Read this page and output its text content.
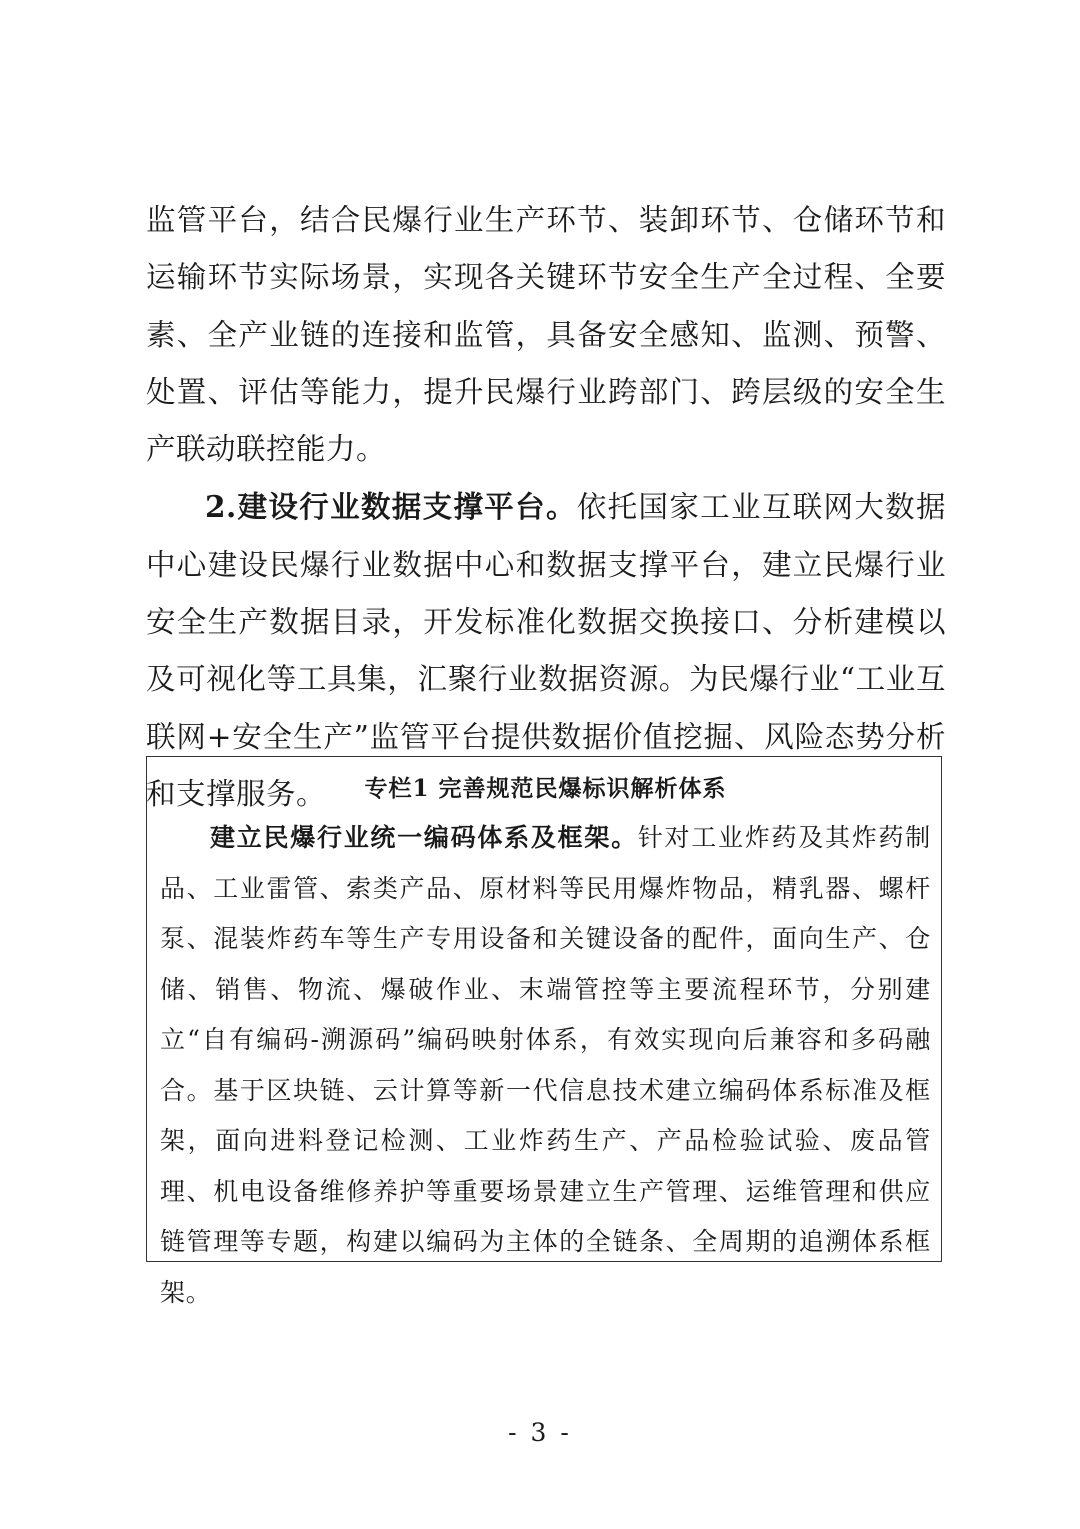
监管平台，结合民爆行业生产环节、装卸环节、仓储环节和运输环节实际场景，实现各关键环节安全生产全过程、全要素、全产业链的连接和监管，具备安全感知、监测、预警、处置、评估等能力，提升民爆行业跨部门、跨层级的安全生产联动联控能力。

2.建设行业数据支撑平台。依托国家工业互联网大数据中心建设民爆行业数据中心和数据支撑平台，建立民爆行业安全生产数据目录，开发标准化数据交换接口、分析建模以及可视化等工具集，汇聚行业数据资源。为民爆行业“工业互联网+安全生产”监管平台提供数据价值挖掘、风险态势分析和支撑服务。	专栏1 完善规范民爆标识解析体系

建立民爆行业统一编码体系及框架。针对工业炸药及其炸药制品、工业雷管、索类产品、原材料等民用爆炸物品，精乳器、螺杆泵、混装炸药车等生产专用设备和关键设备的配件，面向生产、仓储、销售、物流、爆破作业、末端管控等主要流程环节，分别建立“自有编码-溯源码”编码映射体系，有效实现向后兼容和多码融合。基于区块链、云计算等新一代信息技术建立编码体系标准及框架，面向进料登记检测、工业炸药生产、产品检验试验、废品管理、机电设备维修养护等重要场景建立生产管理、运维管理和供应链管理等专题，构建以编码为主体的全链条、全周期的追溯体系框架。

- 3 -
